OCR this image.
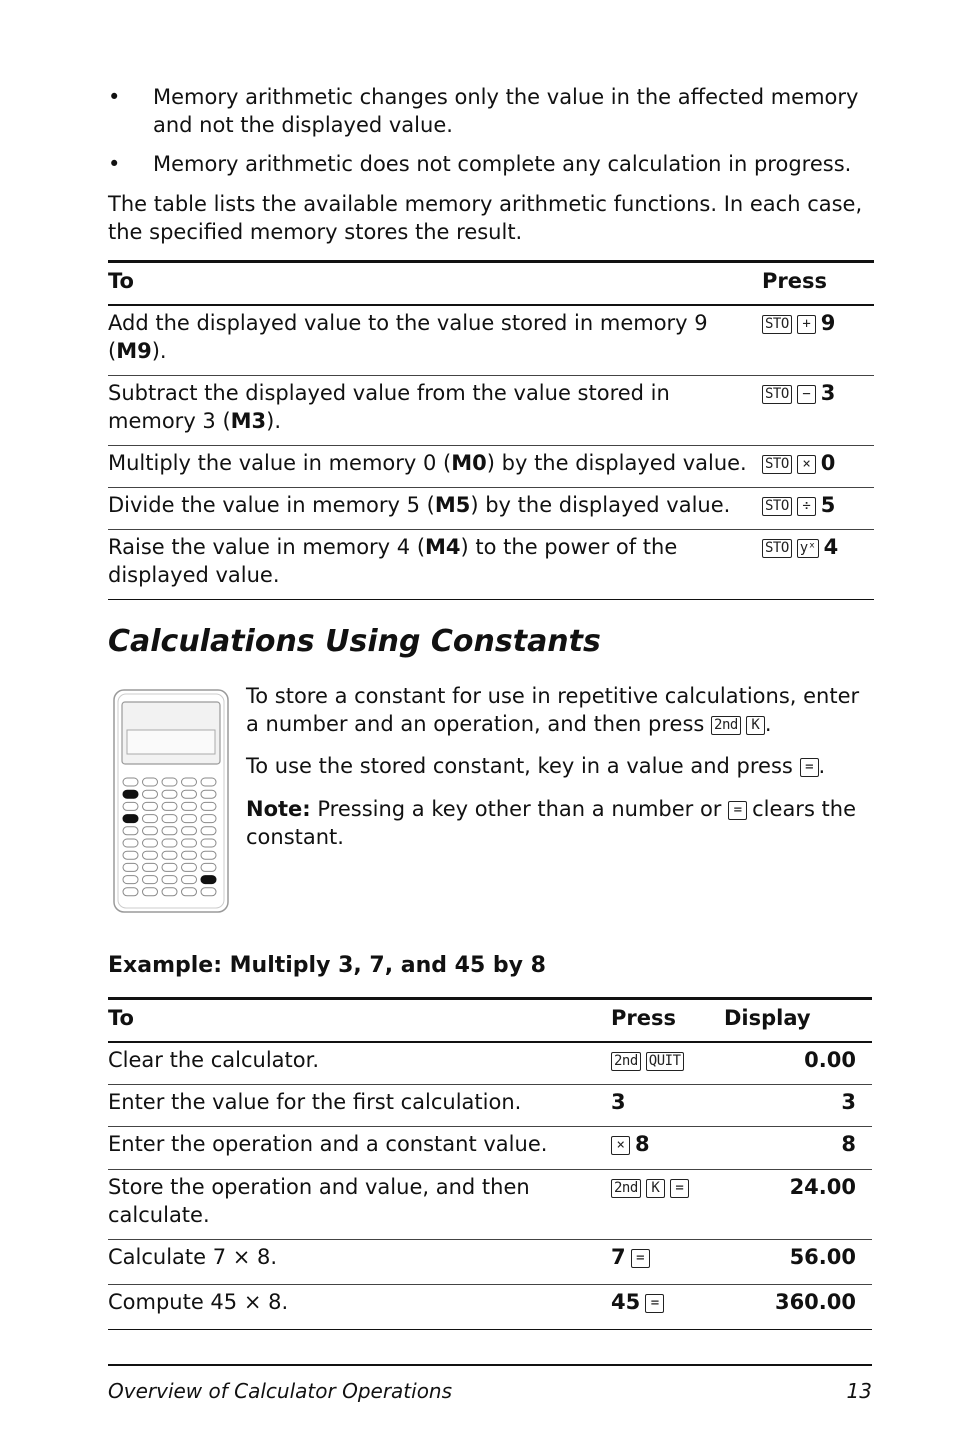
• Memory arithmetic changes only the value in the affected memory and not the displayed value.
• Memory arithmetic does not complete any calculation in progress.
The table lists the available memory arithmetic functions. In each case, the specified memory stores the result.
To	Press
Add the displayed value to the value stored in memory 9 (M9).	STO + 9
Subtract the displayed value from the value stored in memory 3 (M3).	STO − 3
Multiply the value in memory 0 (M0) by the displayed value.	STO × 0
Divide the value in memory 5 (M5) by the displayed value.	STO ÷ 5
Raise the value in memory 4 (M4) to the power of the displayed value.	STO yˣ 4
Calculations Using Constants
To store a constant for use in repetitive calculations, enter a number and an operation, and then press 2nd K .
To use the stored constant, key in a value and press = .
Note: Pressing a key other than a number or = clears the constant.
Example: Multiply 3, 7, and 45 by 8
To	Press	Display
Clear the calculator.	2nd QUIT	0.00
Enter the value for the first calculation.	3	3
Enter the operation and a constant value.	× 8	8
Store the operation and value, and then calculate.	2nd K =	24.00
Calculate 7 × 8.	7 =	56.00
Compute 45 × 8.	45 =	360.00
Overview of Calculator Operations	13
